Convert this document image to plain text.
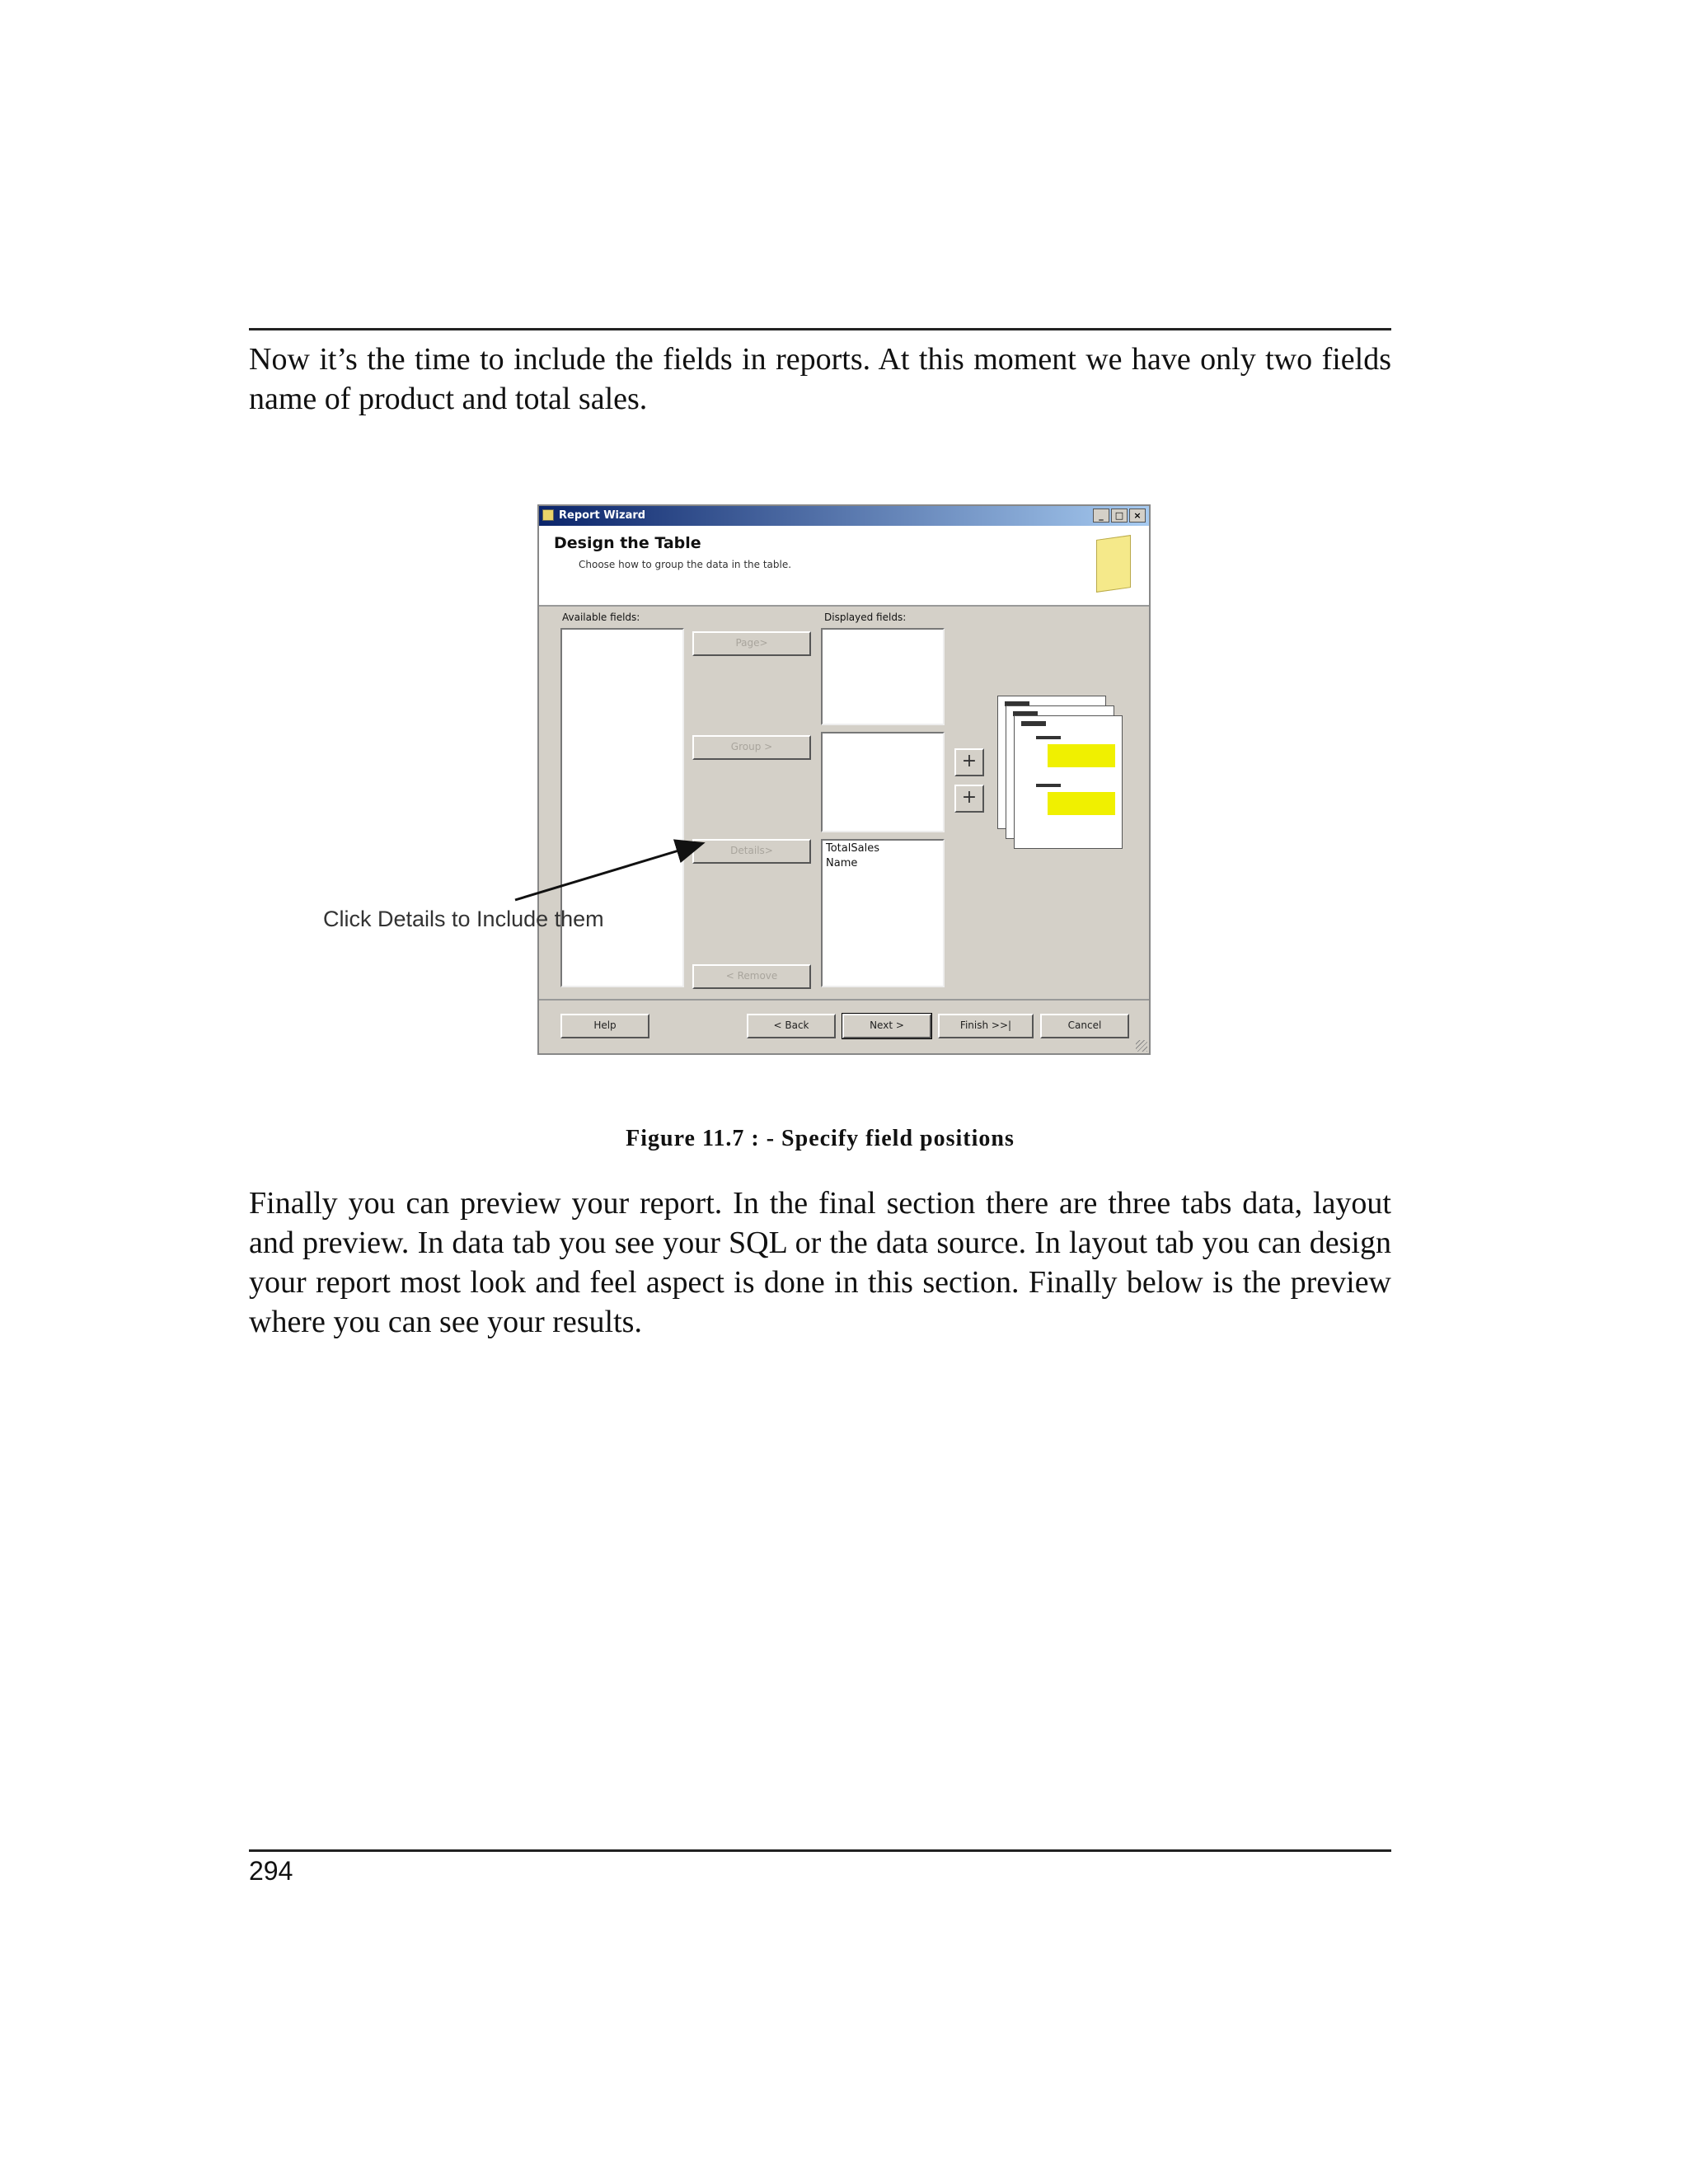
Now it’s the time to include the fields in reports. At this moment we have only two fields name of product and total sales.

Report Wizard	_	□	×
Design the Table
Choose how to group the data in the table.
Available fields:	Displayed fields:
TotalSales
Name
Page>
Group >
Details>
< Remove
+
+
Help	< Back	Next >	Finish >>|	Cancel
Click Details to Include them
Figure 11.7 : - Specify field positions

Finally you can preview your report. In the final section there are three tabs data, layout and preview. In data tab you see your SQL or the data source. In layout tab you can design your report most look and feel aspect is done in this section. Finally below is the preview where you can see your results.

294
